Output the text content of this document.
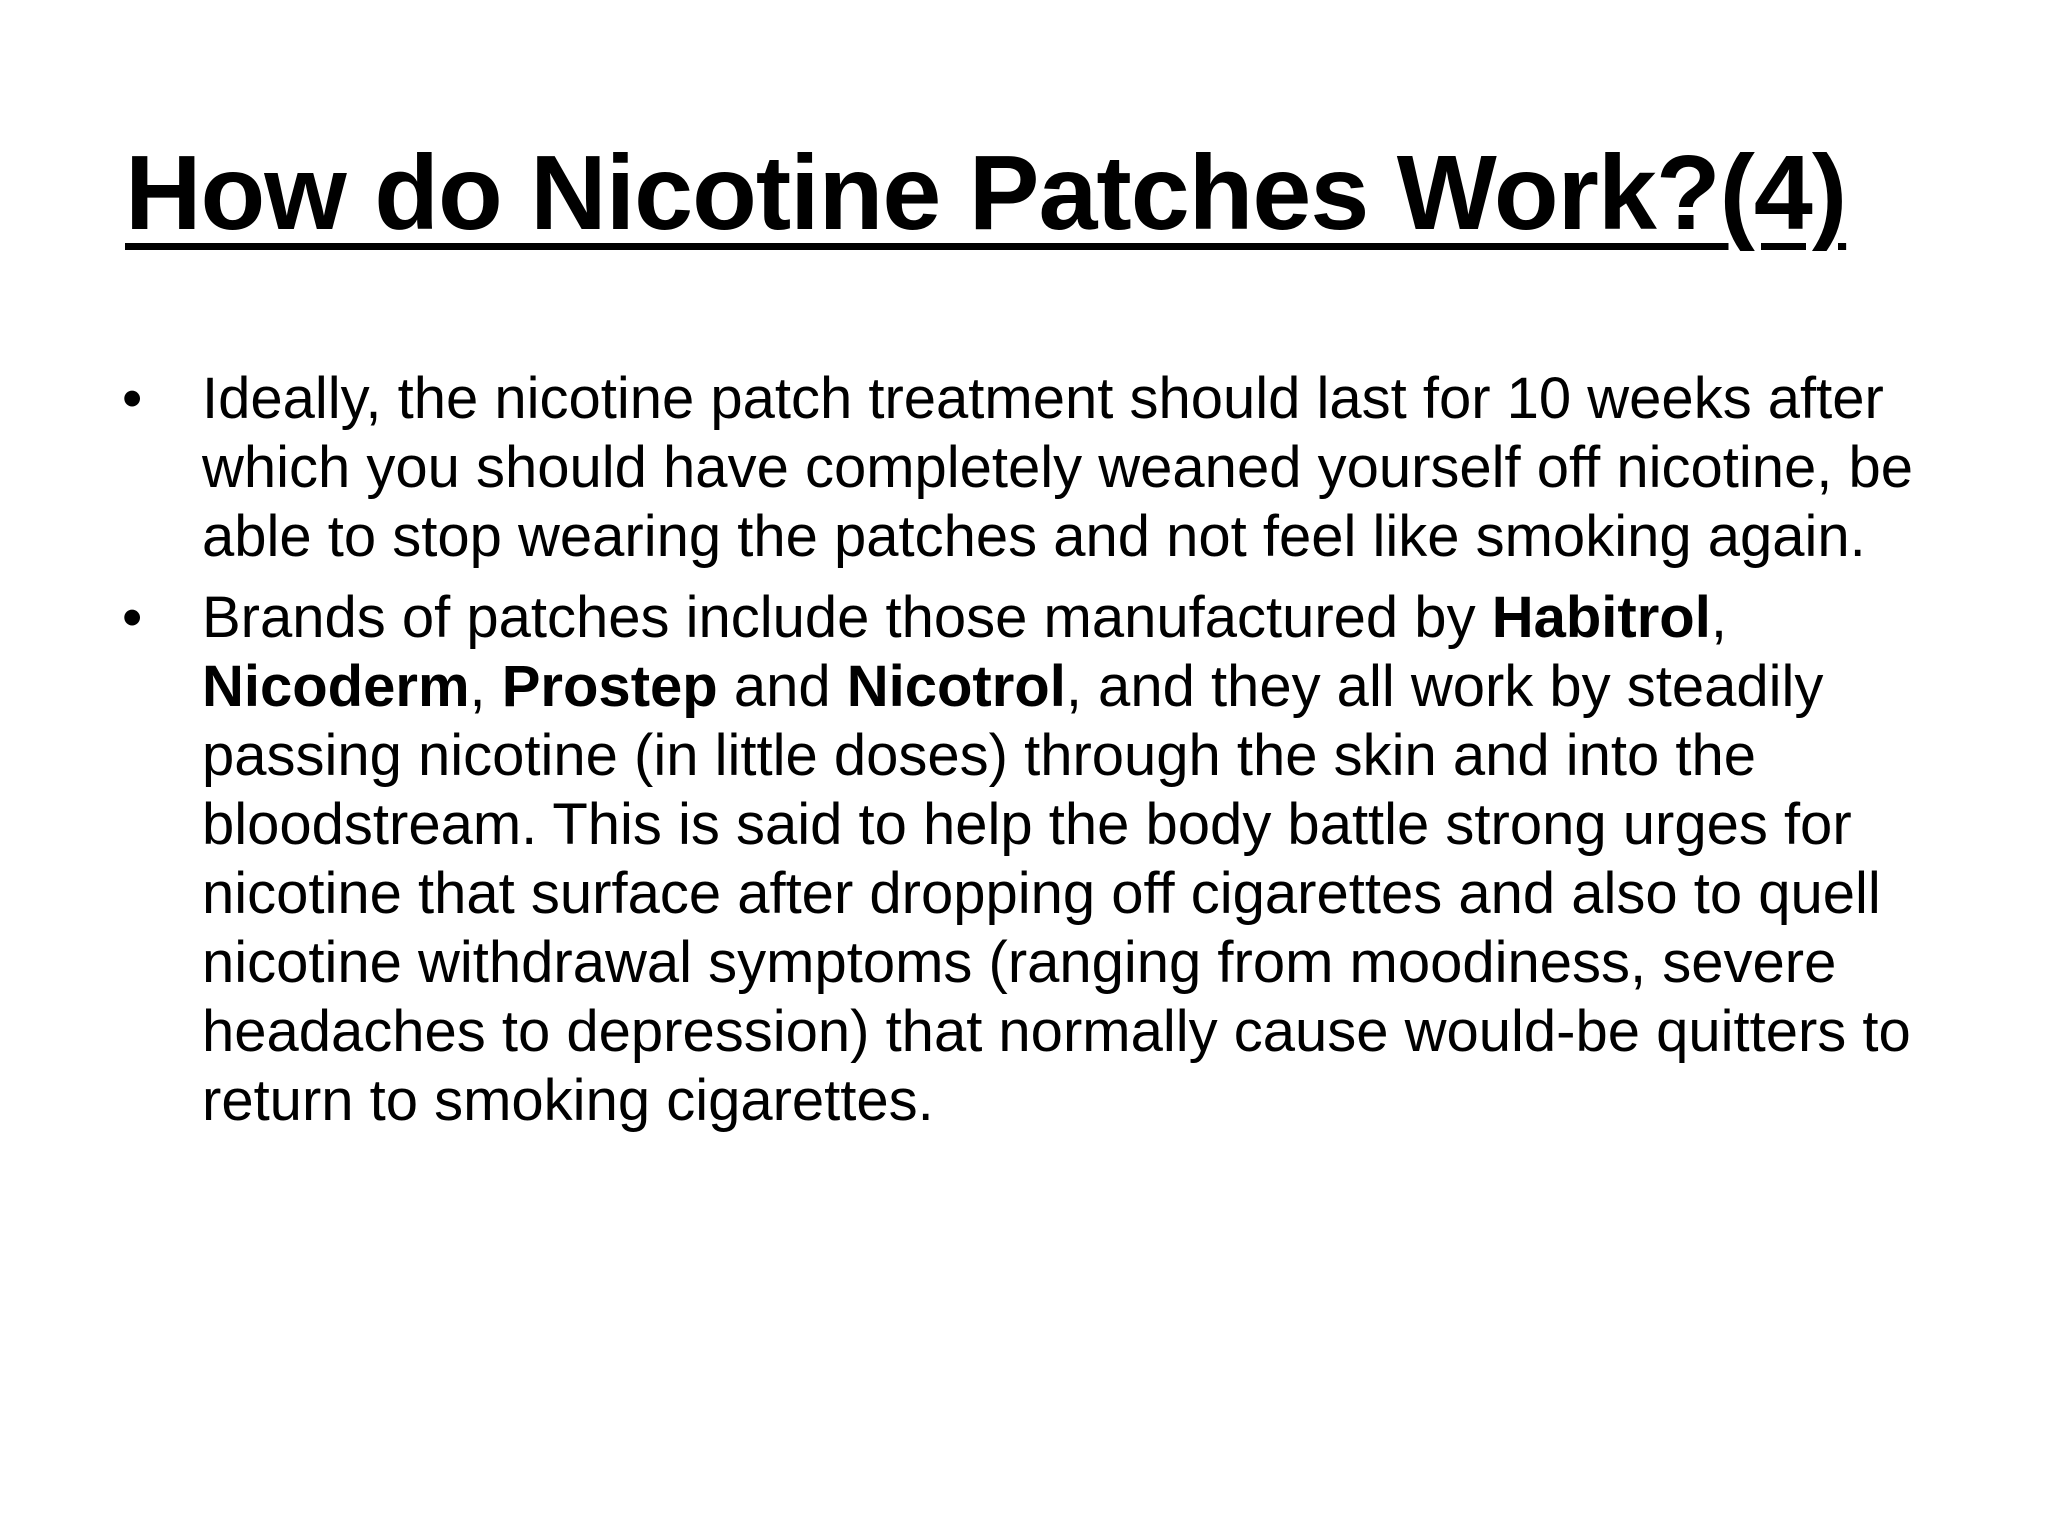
How do Nicotine Patches Work?(4)
•	Ideally, the nicotine patch treatment should last for 10 weeks after which you should have completely weaned yourself off nicotine, be able to stop wearing the patches and not feel like smoking again.
•	Brands of patches include those manufactured by Habitrol, Nicoderm, Prostep and Nicotrol, and they all work by steadily passing nicotine (in little doses) through the skin and into the bloodstream. This is said to help the body battle strong urges for nicotine that surface after dropping off cigarettes and also to quell nicotine withdrawal symptoms (ranging from moodiness, severe headaches to depression) that normally cause would-be quitters to return to smoking cigarettes.
